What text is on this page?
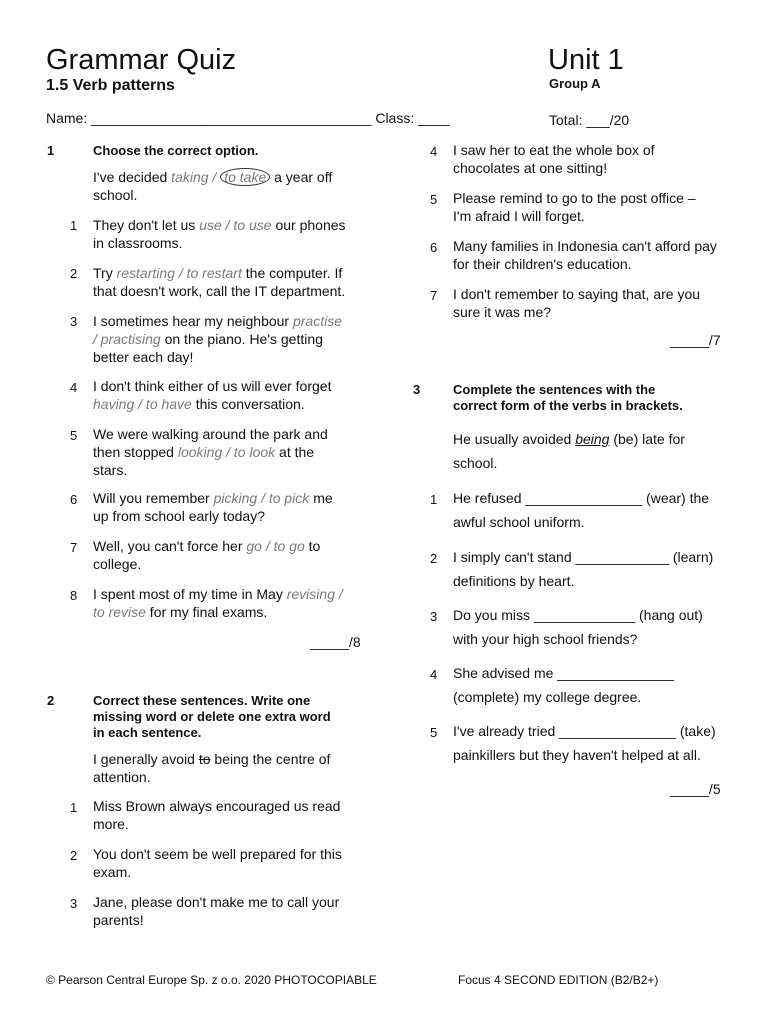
Grammar Quiz
1.5 Verb patterns
Unit 1
Group A
Name: ____________________________________ Class: ____	Total: ___/20
1	Choose the correct option.
I've decided taking / to take a year off
school.
1 They don't let us use / to use our phones
in classrooms.
2 Try restarting / to restart the computer. If
that doesn't work, call the IT department.
3 I sometimes hear my neighbour practise
/ practising on the piano. He's getting
better each day!
4 I don't think either of us will ever forget
having / to have this conversation.
5 We were walking around the park and
then stopped looking / to look at the
stars.
6 Will you remember picking / to pick me
up from school early today?
7 Well, you can't force her go / to go to
college.
8 I spent most of my time in May revising /
to revise for my final exams.
_____/8
2	Correct these sentences. Write one
missing word or delete one extra word
in each sentence.
I generally avoid to being the centre of
attention.
1 Miss Brown always encouraged us read
more.
2 You don't seem be well prepared for this
exam.
3 Jane, please don't make me to call your
parents!
4 I saw her to eat the whole box of
chocolates at one sitting!
5 Please remind to go to the post office –
I'm afraid I will forget.
6 Many families in Indonesia can't afford pay
for their children's education.
7 I don't remember to saying that, are you
sure it was me?
_____/7
3	Complete the sentences with the
correct form of the verbs in brackets.
He usually avoided being (be) late for
school.
1 He refused _______________ (wear) the
awful school uniform.
2 I simply can't stand ____________ (learn)
definitions by heart.
3 Do you miss _____________ (hang out)
with your high school friends?
4 She advised me _______________
(complete) my college degree.
5 I've already tried _______________ (take)
painkillers but they haven't helped at all.
_____/5
© Pearson Central Europe Sp. z o.o. 2020 PHOTOCOPIABLE	Focus 4 SECOND EDITION (B2/B2+)
